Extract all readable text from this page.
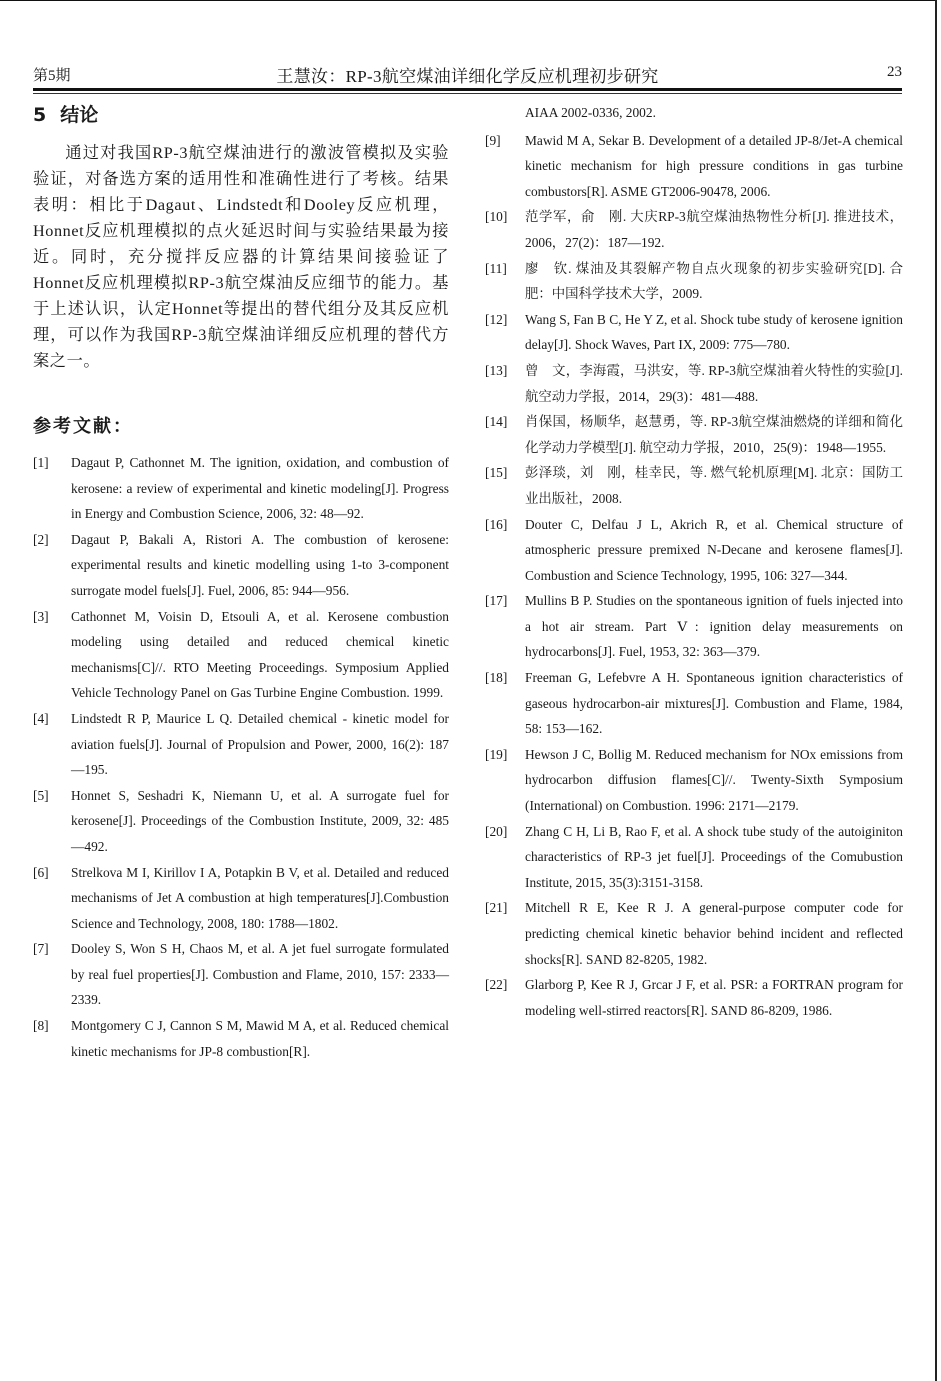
第5期	王慧汝：RP-3航空煤油详细化学反应机理初步研究	23
5 结论

通过对我国RP-3航空煤油进行的激波管模拟及实验验证，对备选方案的适用性和准确性进行了考核。结果表明：相比于Dagaut、Lindstedt和Dooley反应机理，Honnet反应机理模拟的点火延迟时间与实验结果最为接近。同时，充分搅拌反应器的计算结果间接验证了Honnet反应机理模拟RP-3航空煤油反应细节的能力。基于上述认识，认定Honnet等提出的替代组分及其反应机理，可以作为我国RP-3航空煤油详细反应机理的替代方案之一。

参考文献：
[1]	Dagaut P, Cathonnet M. The ignition, oxidation, and combustion of kerosene: a review of experimental and kinetic modeling[J]. Progress in Energy and Combustion Science, 2006, 32: 48—92.
[2]	Dagaut P, Bakali A, Ristori A. The combustion of kerosene: experimental results and kinetic modelling using 1-to 3-component surrogate model fuels[J]. Fuel, 2006, 85: 944—956.
[3]	Cathonnet M, Voisin D, Etsouli A, et al. Kerosene combustion modeling using detailed and reduced chemical kinetic mechanisms[C]//. RTO Meeting Proceedings. Symposium Applied Vehicle Technology Panel on Gas Turbine Engine Combustion. 1999.
[4]	Lindstedt R P, Maurice L Q. Detailed chemical - kinetic model for aviation fuels[J]. Journal of Propulsion and Power, 2000, 16(2): 187—195.
[5]	Honnet S, Seshadri K, Niemann U, et al. A surrogate fuel for kerosene[J]. Proceedings of the Combustion Institute, 2009, 32: 485—492.
[6]	Strelkova M I, Kirillov I A, Potapkin B V, et al. Detailed and reduced mechanisms of Jet A combustion at high temperatures[J].Combustion Science and Technology, 2008, 180: 1788—1802.
[7]	Dooley S, Won S H, Chaos M, et al. A jet fuel surrogate formulated by real fuel properties[J]. Combustion and Flame, 2010, 157: 2333—2339.
[8]	Montgomery C J, Cannon S M, Mawid M A, et al. Reduced chemical kinetic mechanisms for JP-8 combustion[R].

AIAA 2002-0336, 2002.

[9]	Mawid M A, Sekar B. Development of a detailed JP-8/Jet-A chemical kinetic mechanism for high pressure conditions in gas turbine combustors[R]. ASME GT2006-90478, 2006.
[10]	范学军，俞　刚. 大庆RP-3航空煤油热物性分析[J]. 推进技术，2006，27(2)：187—192.
[11]	廖　钦. 煤油及其裂解产物自点火现象的初步实验研究[D]. 合肥：中国科学技术大学，2009.
[12]	Wang S, Fan B C, He Y Z, et al. Shock tube study of kerosene ignition delay[J]. Shock Waves, Part IX, 2009: 775—780.
[13]	曾　文，李海霞，马洪安，等. RP-3航空煤油着火特性的实验[J]. 航空动力学报，2014，29(3)：481—488.
[14]	肖保国，杨顺华，赵慧勇，等. RP-3航空煤油燃烧的详细和简化化学动力学模型[J]. 航空动力学报，2010，25(9)：1948—1955.
[15]	彭泽琰，刘　刚，桂幸民，等. 燃气轮机原理[M]. 北京：国防工业出版社，2008.
[16]	Douter C, Delfau J L, Akrich R, et al. Chemical structure of atmospheric pressure premixed N-Decane and kerosene flames[J]. Combustion and Science Technology, 1995, 106: 327—344.
[17]	Mullins B P. Studies on the spontaneous ignition of fuels injected into a hot air stream. Part Ⅴ: ignition delay measurements on hydrocarbons[J]. Fuel, 1953, 32: 363—379.
[18]	Freeman G, Lefebvre A H. Spontaneous ignition characteristics of gaseous hydrocarbon-air mixtures[J]. Combustion and Flame, 1984, 58: 153—162.
[19]	Hewson J C, Bollig M. Reduced mechanism for NOx emissions from hydrocarbon diffusion flames[C]//. Twenty-Sixth Symposium (International) on Combustion. 1996: 2171—2179.
[20]	Zhang C H, Li B, Rao F, et al. A shock tube study of the autoiginiton characteristics of RP-3 jet fuel[J]. Proceedings of the Comubustion Institute, 2015, 35(3):3151-3158.
[21]	Mitchell R E, Kee R J. A general-purpose computer code for predicting chemical kinetic behavior behind incident and reflected shocks[R]. SAND 82-8205, 1982.
[22]	Glarborg P, Kee R J, Grcar J F, et al. PSR: a FORTRAN program for modeling well-stirred reactors[R]. SAND 86-8209, 1986.
